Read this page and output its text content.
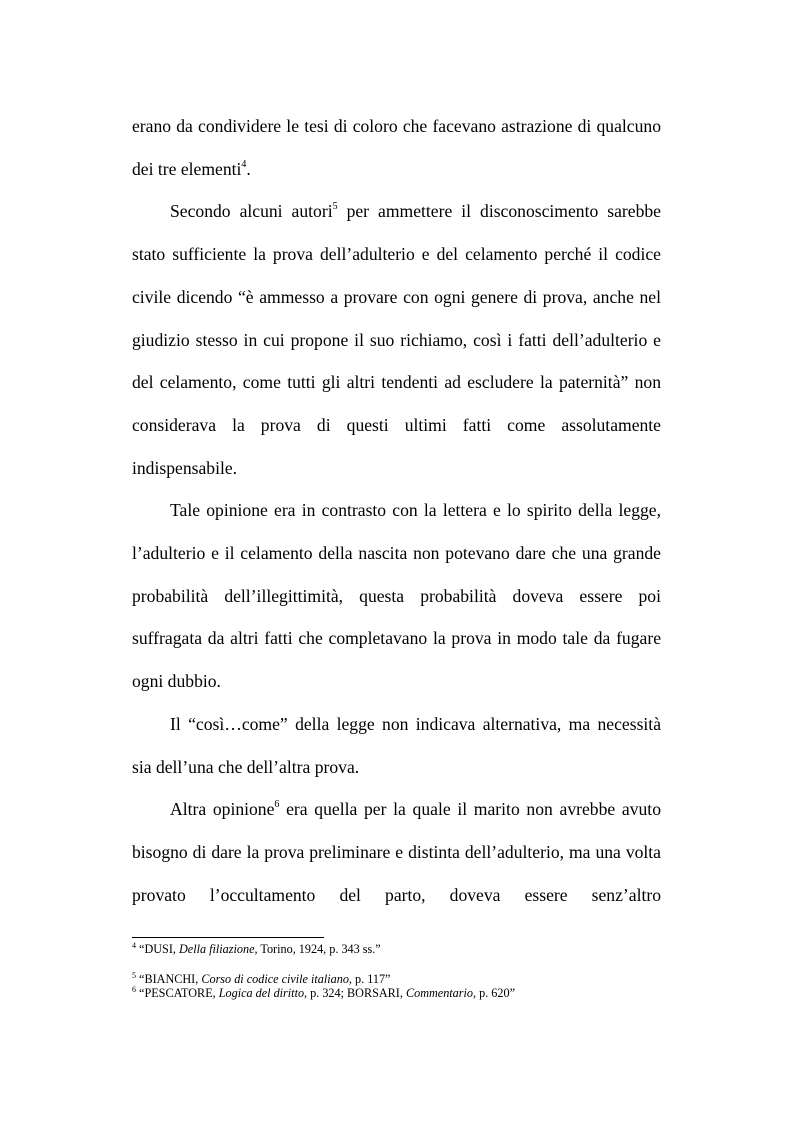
erano da condividere le tesi di coloro che facevano astrazione di qualcuno dei tre elementi$^4$.

Secondo alcuni autori$^5$ per ammettere il disconoscimento sarebbe stato sufficiente la prova dell’adulterio e del celamento perché il codice civile dicendo “è ammesso a provare con ogni genere di prova, anche nel giudizio stesso in cui propone il suo richiamo, così i fatti dell’adulterio e del celamento, come tutti gli altri tendenti ad escludere la paternità” non considerava la prova di questi ultimi fatti come assolutamente indispensabile.

Tale opinione era in contrasto con la lettera e lo spirito della legge, l’adulterio e il celamento della nascita non potevano dare che una grande probabilità dell’illegittimità, questa probabilità doveva essere poi suffragata da altri fatti che completavano la prova in modo tale da fugare ogni dubbio.

Il “così…come” della legge non indicava alternativa, ma necessità sia dell’una che dell’altra prova.

Altra opinione$^6$ era quella per la quale il marito non avrebbe avuto bisogno di dare la prova preliminare e distinta dell’adulterio, ma una volta provato l’occultamento del parto, doveva essere senz’altro

$^4$ “DUSI, Della filiazione, Torino, 1924, p. 343 ss.”

$^5$ “BIANCHI, Corso di codice civile italiano, p. 117”

$^6$ “PESCATORE, Logica del diritto, p. 324; BORSARI, Commentario, p. 620”
